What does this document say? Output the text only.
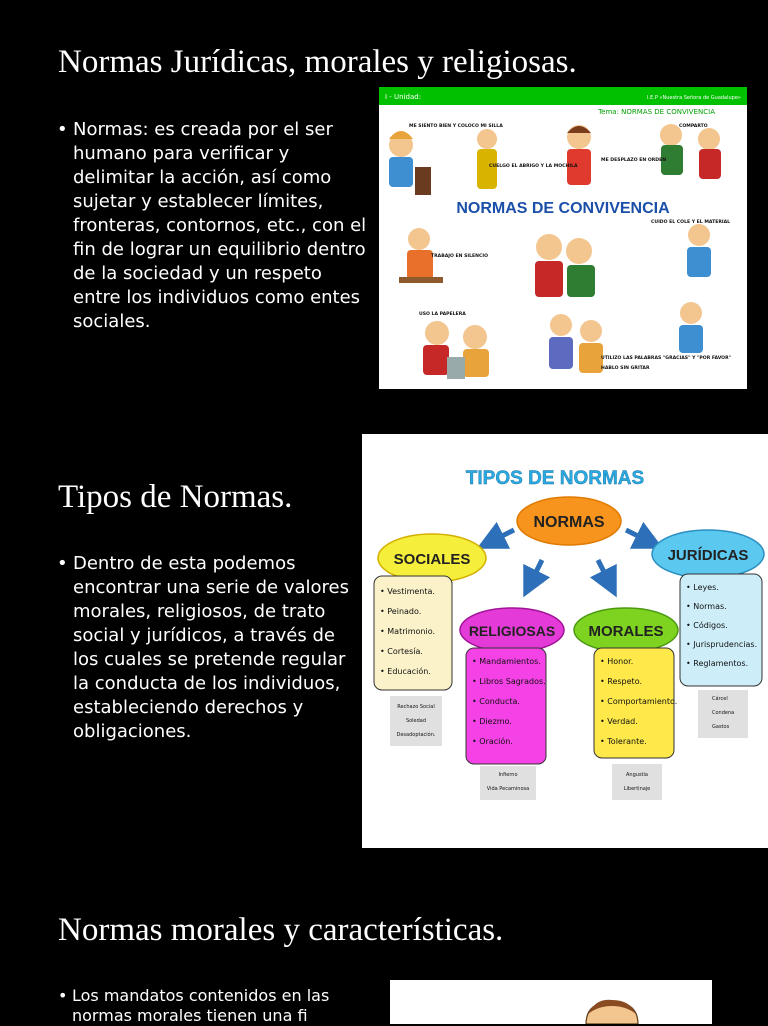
Normas Jurídicas, morales y religiosas.
• Normas: es creada por el ser humano para verificar y delimitar la acción, así como sujetar y establecer límites, fronteras, contornos, etc., con el fin de lograr un equilibrio dentro de la sociedad y un respeto entre los individuos como entes sociales.
I - Unidad:	I.E.P «Nuestra Señora de Guadalupe»
Tema: NORMAS DE CONVIVENCIA
NORMAS DE CONVIVENCIA
ME SIENTO BIEN Y COLOCO MI SILLA
CUELGO EL ABRIGO Y LA MOCHILA
ME DESPLAZO EN ORDEN
COMPARTO
TRABAJO EN SILENCIO
CUIDO EL COLE Y EL MATERIAL
USO LA PAPELERA
HABLO SIN GRITAR
UTILIZO LAS PALABRAS "GRACIAS" Y "POR FAVOR"
Tipos de Normas.
• Dentro de esta podemos encontrar una serie de valores morales, religiosos, de trato social y jurídicos, a través de los cuales se pretende regular la conducta de los individuos, estableciendo derechos y obligaciones.
TIPOS DE NORMAS
NORMAS
SOCIALES
• Vestimenta.
• Peinado.
• Matrimonio.
• Cortesía.
• Educación.
Rechazo Social
Soledad
Desadoptación.
RELIGIOSAS
• Mandamientos.
• Libros Sagrados.
• Conducta.
• Diezmo.
• Oración.
Infierno
Vida Pecaminosa
MORALES
• Honor.
• Respeto.
• Comportamiento.
• Verdad.
• Tolerante.
Angustia
Libertinaje
JURÍDICAS
• Leyes.
• Normas.
• Códigos.
• Jurisprudencias.
• Reglamentos.
Cárcel
Condena
Gastos
Normas morales y características.
• Los mandatos contenidos en las
normas morales tienen una fi
